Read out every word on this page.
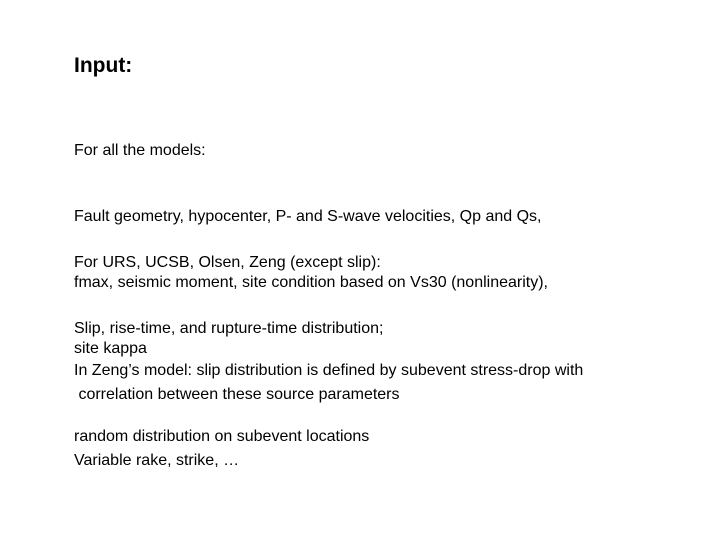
Input:

For all the models:

Fault geometry, hypocenter, P- and S-wave velocities, Qp and Qs,

fmax, seismic moment, site condition based on Vs30 (nonlinearity),

site kappa

For URS, UCSB, Olsen, Zeng (except slip):

Slip, rise-time, and rupture-time distribution;

correlation between these source parameters

Variable rake, strike, …

In Zeng’s model: slip distribution is defined by subevent stress-drop with

random distribution on subevent locations
